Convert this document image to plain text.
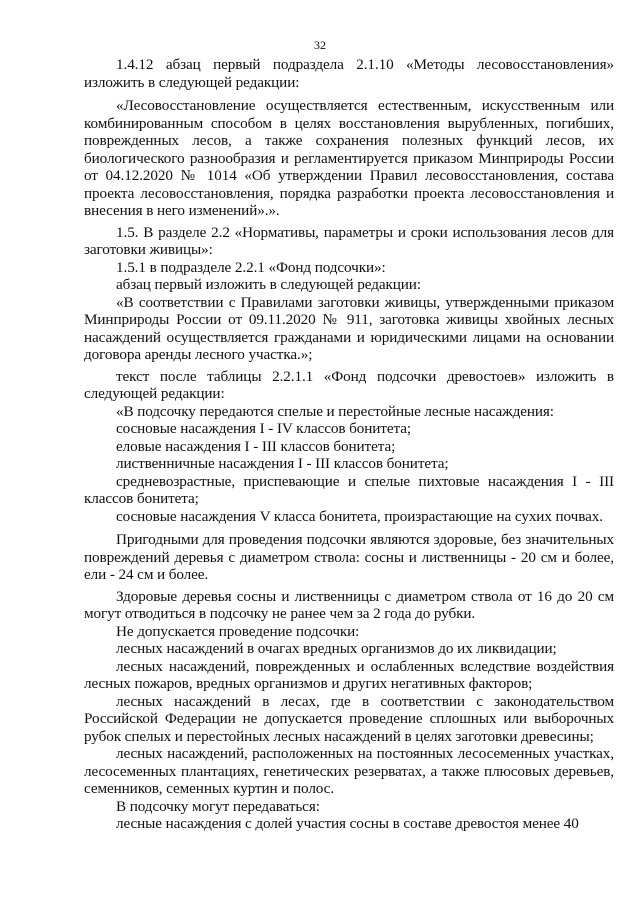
32

1.4.12 абзац первый подраздела 2.1.10 «Методы лесовосстановления» изложить в следующей редакции:

«Лесовосстановление осуществляется естественным, искусственным или комбинированным способом в целях восстановления вырубленных, погибших, поврежденных лесов, а также сохранения полезных функций лесов, их биологического разнообразия и регламентируется приказом Минприроды России от 04.12.2020 № 1014 «Об утверждении Правил лесовосстановления, состава проекта лесовосстановления, порядка разработки проекта лесовосстановления и внесения в него изменений».».

1.5. В разделе 2.2 «Нормативы, параметры и сроки использования лесов для заготовки живицы»:

1.5.1 в подразделе 2.2.1 «Фонд подсочки»:

абзац первый изложить в следующей редакции:

«В соответствии с Правилами заготовки живицы, утвержденными приказом Минприроды России от 09.11.2020 № 911, заготовка живицы хвойных лесных насаждений осуществляется гражданами и юридическими лицами на основании договора аренды лесного участка.»;

текст после таблицы 2.2.1.1 «Фонд подсочки древостоев» изложить в следующей редакции:

«В подсочку передаются спелые и перестойные лесные насаждения:

сосновые насаждения I - IV классов бонитета;

еловые насаждения I - III классов бонитета;

лиственничные насаждения I - III классов бонитета;

средневозрастные, приспевающие и спелые пихтовые насаждения I - III классов бонитета;

сосновые насаждения V класса бонитета, произрастающие на сухих почвах.

Пригодными для проведения подсочки являются здоровые, без значительных повреждений деревья с диаметром ствола: сосны и лиственницы - 20 см и более, ели - 24 см и более.

Здоровые деревья сосны и лиственницы с диаметром ствола от 16 до 20 см могут отводиться в подсочку не ранее чем за 2 года до рубки.

Не допускается проведение подсочки:

лесных насаждений в очагах вредных организмов до их ликвидации;

лесных насаждений, поврежденных и ослабленных вследствие воздействия лесных пожаров, вредных организмов и других негативных факторов;

лесных насаждений в лесах, где в соответствии с законодательством Российской Федерации не допускается проведение сплошных или выборочных рубок спелых и перестойных лесных насаждений в целях заготовки древесины;

лесных насаждений, расположенных на постоянных лесосеменных участках, лесосеменных плантациях, генетических резерватах, а также плюсовых деревьев, семенников, семенных куртин и полос.

В подсочку могут передаваться:

лесные насаждения с долей участия сосны в составе древостоя менее 40
